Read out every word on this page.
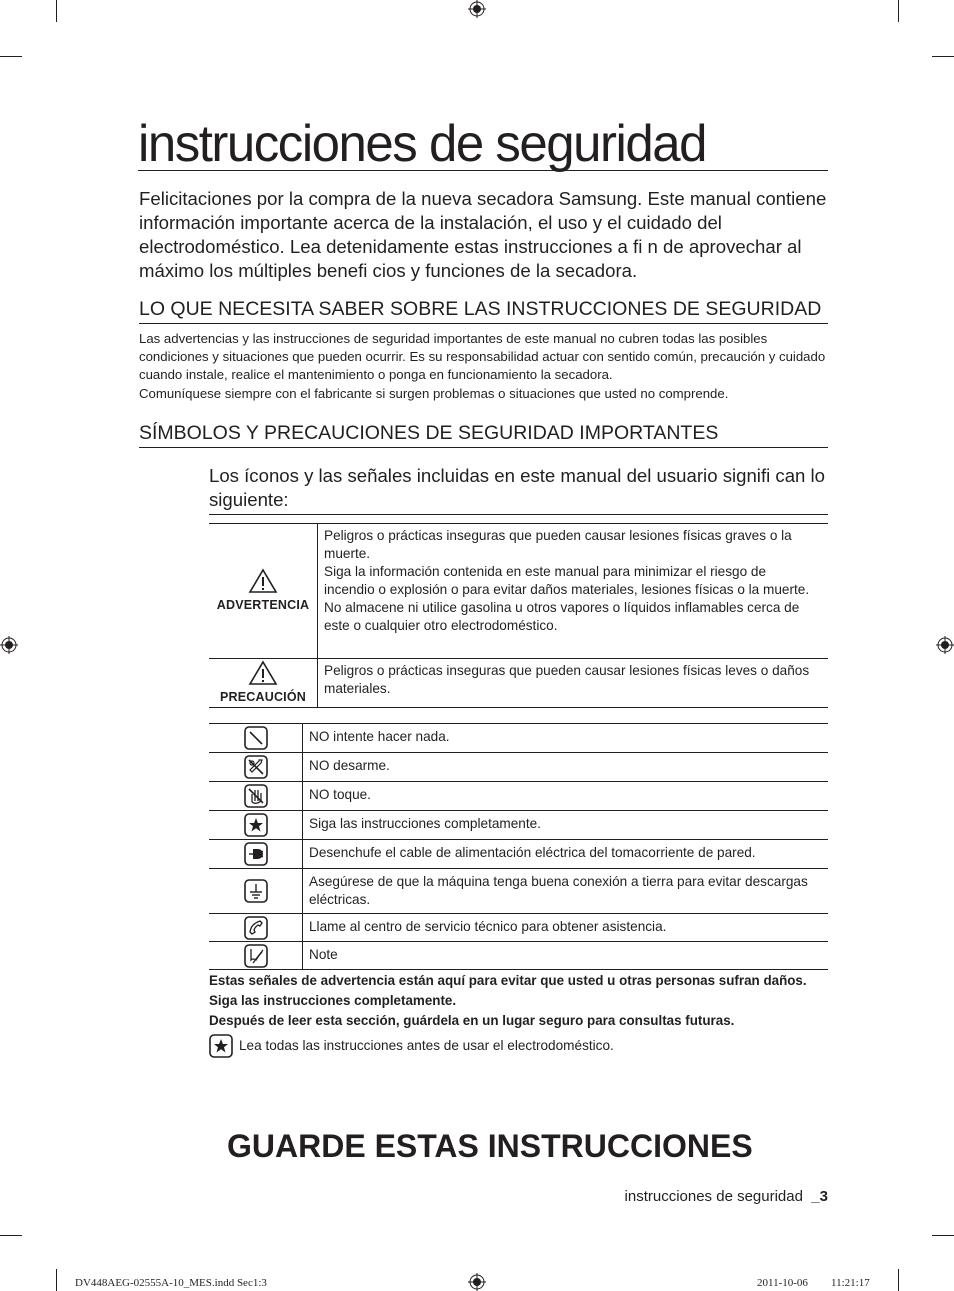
instrucciones de seguridad
Felicitaciones por la compra de la nueva secadora Samsung. Este manual contiene información importante acerca de la instalación, el uso y el cuidado del electrodoméstico. Lea detenidamente estas instrucciones a fi n de aprovechar al máximo los múltiples benefi cios y funciones de la secadora.
LO QUE NECESITA SABER SOBRE LAS INSTRUCCIONES DE SEGURIDAD
Las advertencias y las instrucciones de seguridad importantes de este manual no cubren todas las posibles condiciones y situaciones que pueden ocurrir. Es su responsabilidad actuar con sentido común, precaución y cuidado cuando instale, realice el mantenimiento o ponga en funcionamiento la secadora.
Comuníquese siempre con el fabricante si surgen problemas o situaciones que usted no comprende.
SÍMBOLOS Y PRECAUCIONES DE SEGURIDAD IMPORTANTES
Los íconos y las señales incluidas en este manual del usuario signifi can lo siguiente:
ADVERTENCIA	Peligros o prácticas inseguras que pueden causar lesiones físicas graves o la muerte.
Siga la información contenida en este manual para minimizar el riesgo de incendio o explosión o para evitar daños materiales, lesiones físicas o la muerte.
No almacene ni utilice gasolina u otros vapores o líquidos inflamables cerca de este o cualquier otro electrodoméstico.

PRECAUCIÓN	Peligros o prácticas inseguras que pueden causar lesiones físicas leves o daños materiales.
	NO intente hacer nada.

	NO desarme.

	NO toque.

	Siga las instrucciones completamente.

	Desenchufe el cable de alimentación eléctrica del tomacorriente de pared.

	Asegúrese de que la máquina tenga buena conexión a tierra para evitar descargas eléctricas.

	Llame al centro de servicio técnico para obtener asistencia.

	Note
Estas señales de advertencia están aquí para evitar que usted u otras personas sufran daños.
Siga las instrucciones completamente.
Después de leer esta sección, guárdela en un lugar seguro para consultas futuras.
Lea todas las instrucciones antes de usar el electrodoméstico.
GUARDE ESTAS INSTRUCCIONES
instrucciones de seguridad _3
DV448AEG-02555A-10_MES.indd Sec1:3	2011-10-06 11:21:17
